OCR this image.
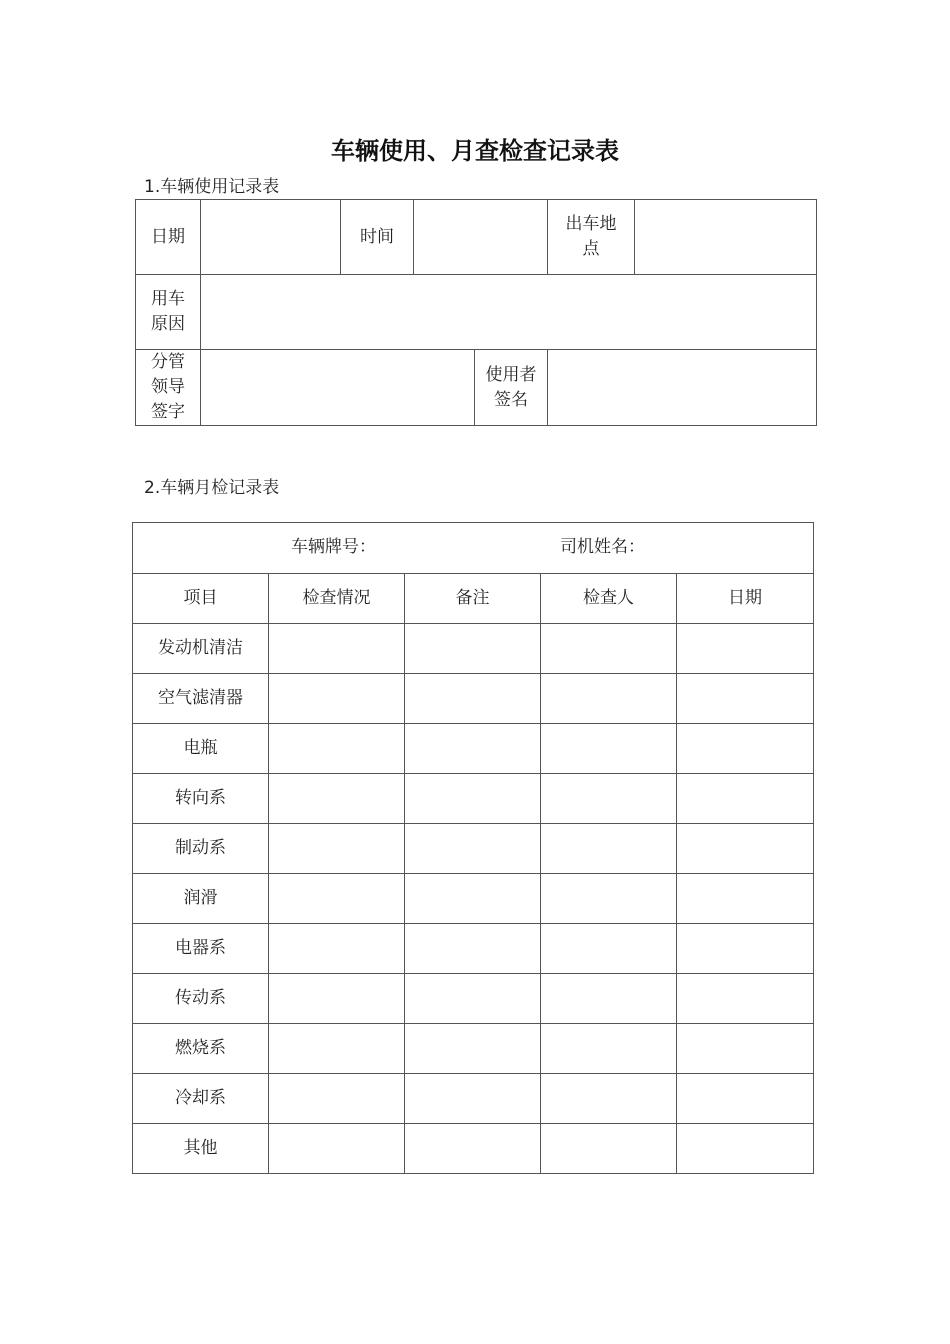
车辆使用、月查检查记录表
1.车辆使用记录表
日期		时间			出车地点	
用车原因						
分管领导签字				使用者签名		
2.车辆月检记录表
车辆牌号： 司机姓名：				

项目	检查情况	备注	检查人	日期
发动机清洁				
空气滤清器				
电瓶				
转向系				
制动系				
润滑				
电器系				
传动系				
燃烧系				
冷却系				
其他				
